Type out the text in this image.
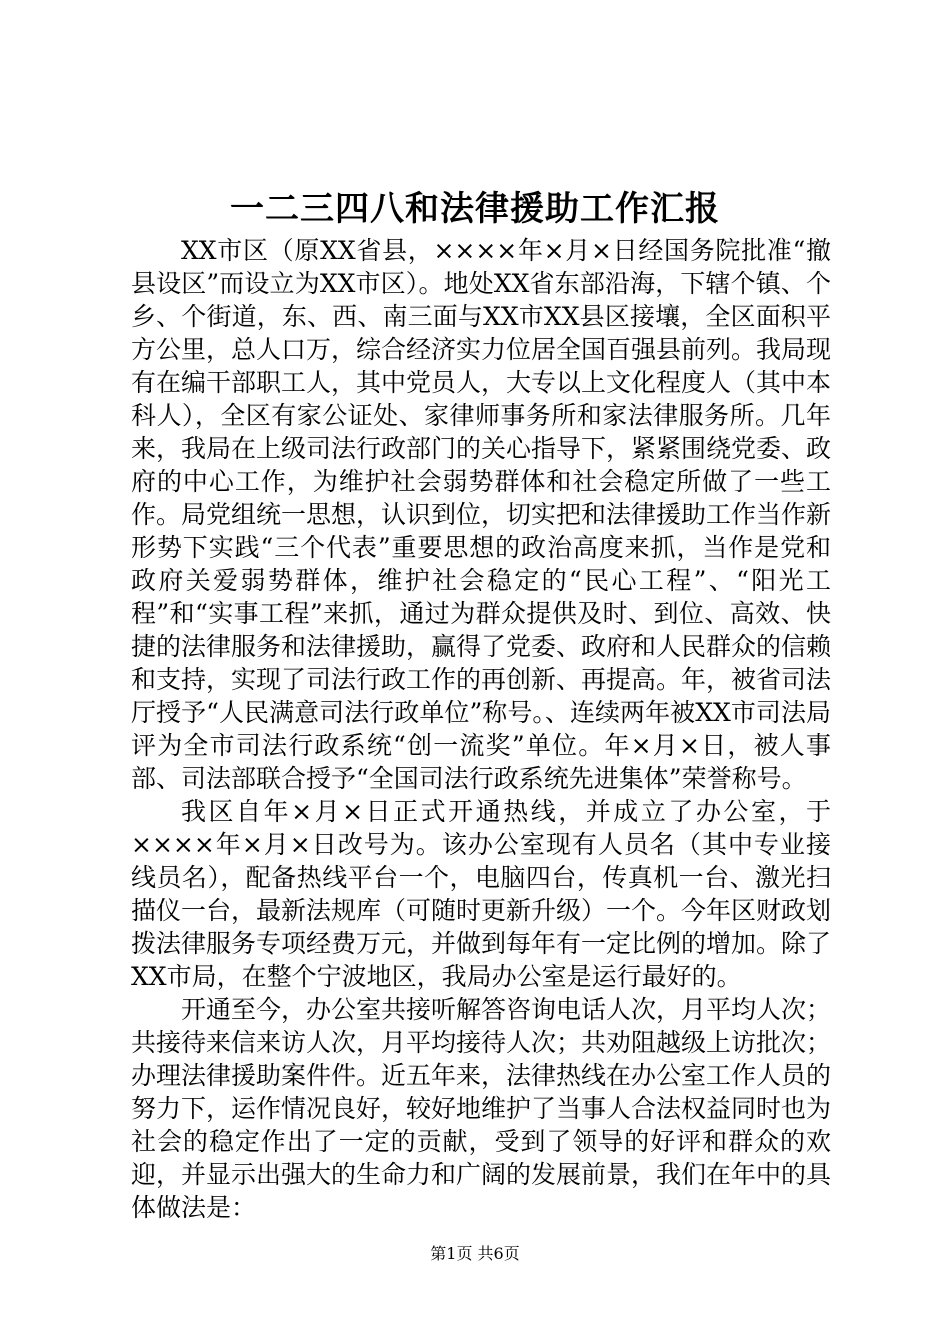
一二三四八和法律援助工作汇报

XX市区（原XX省县，××××年×月×日经国务院批准“撤县设区”而设立为XX市区）。地处XX省东部沿海，下辖个镇、个乡、个街道，东、西、南三面与XX市XX县区接壤，全区面积平方公里，总人口万，综合经济实力位居全国百强县前列。我局现有在编干部职工人，其中党员人，大专以上文化程度人（其中本科人），全区有家公证处、家律师事务所和家法律服务所。几年来，我局在上级司法行政部门的关心指导下，紧紧围绕党委、政府的中心工作，为维护社会弱势群体和社会稳定所做了一些工作。局党组统一思想，认识到位，切实把和法律援助工作当作新形势下实践“三个代表”重要思想的政治高度来抓，当作是党和政府关爱弱势群体，维护社会稳定的“民心工程”、“阳光工程”和“实事工程”来抓，通过为群众提供及时、到位、高效、快捷的法律服务和法律援助，赢得了党委、政府和人民群众的信赖和支持，实现了司法行政工作的再创新、再提高。年，被省司法厅授予“人民满意司法行政单位”称号。、连续两年被XX市司法局评为全市司法行政系统“创一流奖”单位。年×月×日，被人事部、司法部联合授予“全国司法行政系统先进集体”荣誉称号。

我区自年×月×日正式开通热线，并成立了办公室，于××××年×月×日改号为。该办公室现有人员名（其中专业接线员名），配备热线平台一个，电脑四台，传真机一台、激光扫描仪一台，最新法规库（可随时更新升级）一个。今年区财政划拨法律服务专项经费万元，并做到每年有一定比例的增加。除了XX市局，在整个宁波地区，我局办公室是运行最好的。

开通至今，办公室共接听解答咨询电话人次，月平均人次；共接待来信来访人次，月平均接待人次；共劝阻越级上访批次；办理法律援助案件件。近五年来，法律热线在办公室工作人员的努力下，运作情况良好，较好地维护了当事人合法权益同时也为社会的稳定作出了一定的贡献，受到了领导的好评和群众的欢迎，并显示出强大的生命力和广阔的发展前景，我们在年中的具体做法是：

第1页 共6页
